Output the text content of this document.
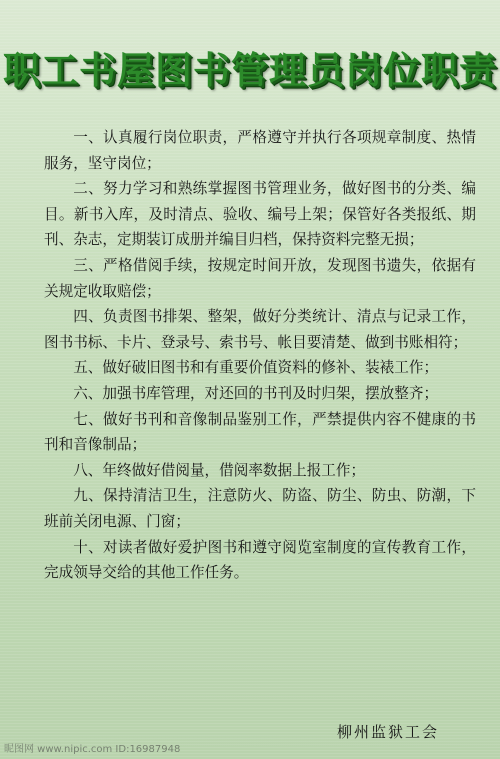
职工书屋图书管理员岗位职责

一、认真履行岗位职责，严格遵守并执行各项规章制度、热情服务，坚守岗位；

二、努力学习和熟练掌握图书管理业务，做好图书的分类、编目。新书入库，及时清点、验收、编号上架；保管好各类报纸、期刊、杂志，定期装订成册并编目归档，保持资料完整无损；

三、严格借阅手续，按规定时间开放，发现图书遗失，依据有关规定收取赔偿；

四、负责图书排架、整架，做好分类统计、清点与记录工作，图书书标、卡片、登录号、索书号、帐目要清楚、做到书账相符；

五、做好破旧图书和有重要价值资料的修补、装裱工作；

六、加强书库管理，对还回的书刊及时归架，摆放整齐；

七、做好书刊和音像制品鉴别工作，严禁提供内容不健康的书刊和音像制品；

八、年终做好借阅量，借阅率数据上报工作；

九、保持清洁卫生，注意防火、防盗、防尘、防虫、防潮，下班前关闭电源、门窗；

十、对读者做好爱护图书和遵守阅览室制度的宣传教育工作，完成领导交给的其他工作任务。

柳州监狱工会
昵图网 www.nipic.com ID:16987948
